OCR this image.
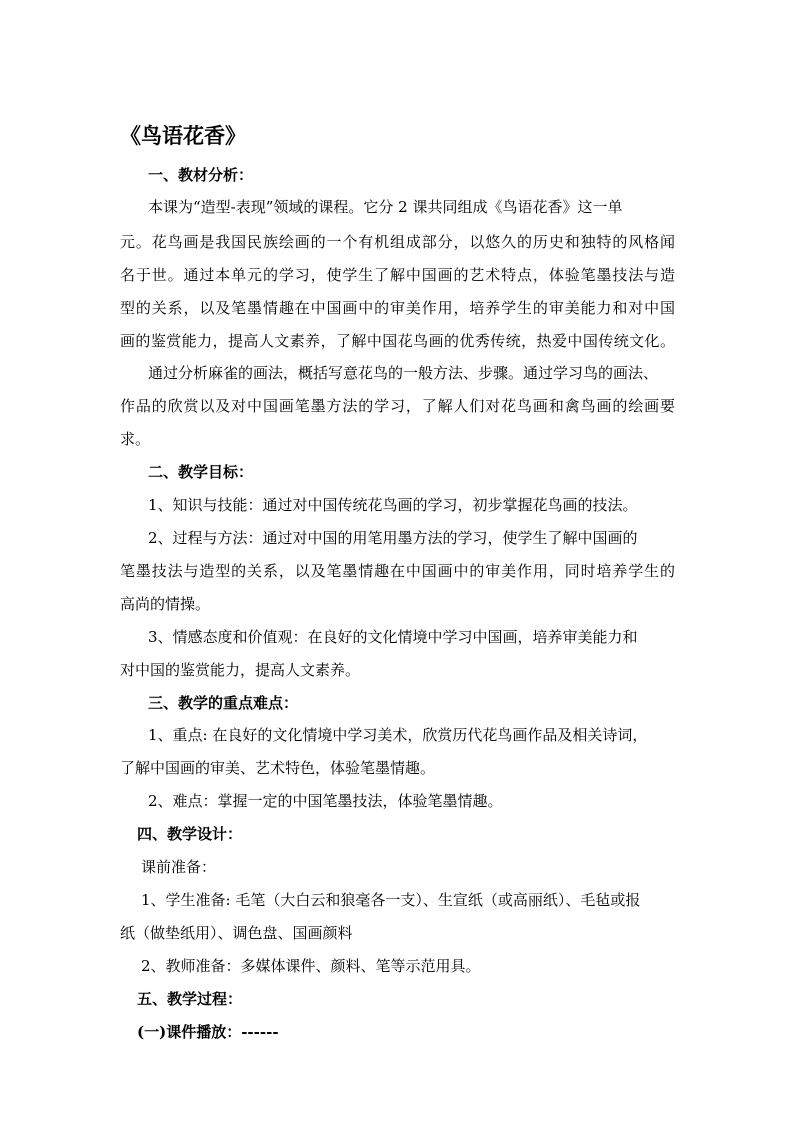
《鸟语花香》
一、教材分析：
本课为“造型-表现”领域的课程。它分 2 课共同组成《鸟语花香》这一单
元。花鸟画是我国民族绘画的一个有机组成部分，以悠久的历史和独特的风格闻
名于世。通过本单元的学习，使学生了解中国画的艺术特点，体验笔墨技法与造
型的关系，以及笔墨情趣在中国画中的审美作用，培养学生的审美能力和对中国
画的鉴赏能力，提高人文素养，了解中国花鸟画的优秀传统，热爱中国传统文化。
通过分析麻雀的画法，概括写意花鸟的一般方法、步骤。通过学习鸟的画法、
作品的欣赏以及对中国画笔墨方法的学习，了解人们对花鸟画和禽鸟画的绘画要
求。
二、教学目标：
1、知识与技能：通过对中国传统花鸟画的学习，初步掌握花鸟画的技法。
2、过程与方法：通过对中国的用笔用墨方法的学习，使学生了解中国画的
笔墨技法与造型的关系，以及笔墨情趣在中国画中的审美作用，同时培养学生的
高尚的情操。
3、情感态度和价值观：在良好的文化情境中学习中国画，培养审美能力和
对中国的鉴赏能力，提高人文素养。
三、教学的重点难点：
1、重点: 在良好的文化情境中学习美术，欣赏历代花鸟画作品及相关诗词，
了解中国画的审美、艺术特色，体验笔墨情趣。
2、难点：掌握一定的中国笔墨技法，体验笔墨情趣。
四、教学设计：
课前准备：
1、学生准备: 毛笔（大白云和狼毫各一支）、生宣纸（或高丽纸）、毛毡或报
纸（做垫纸用）、调色盘、国画颜料
2、教师准备：多媒体课件、颜料、笔等示范用具。
五、教学过程：
(一)课件播放：------
